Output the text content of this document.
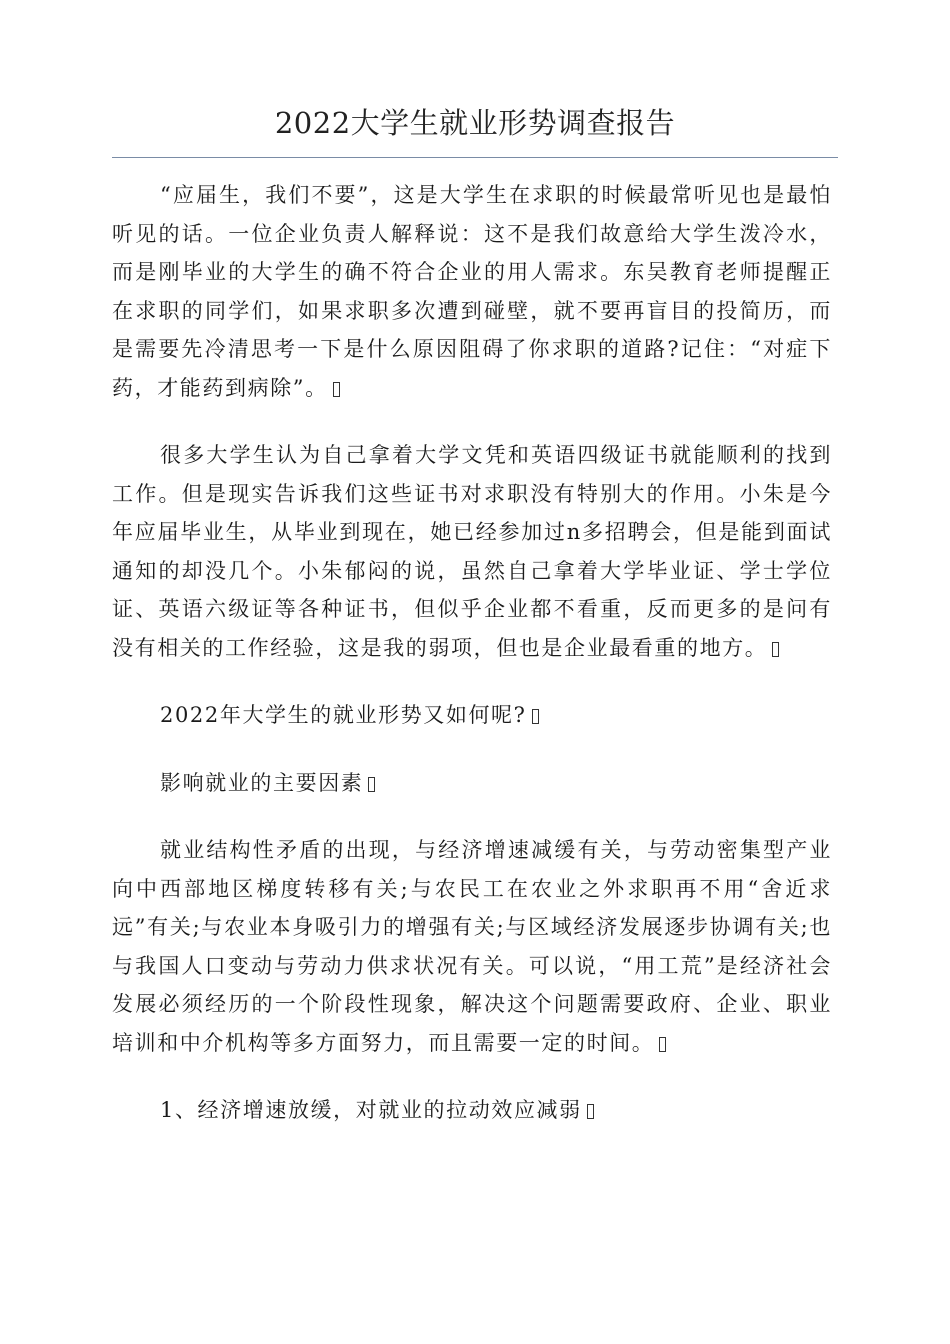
2022大学生就业形势调查报告

“应届生，我们不要”，这是大学生在求职的时候最常听见也是最怕听见的话。一位企业负责人解释说：这不是我们故意给大学生泼冷水，而是刚毕业的大学生的确不符合企业的用人需求。东吴教育老师提醒正在求职的同学们，如果求职多次遭到碰壁，就不要再盲目的投简历，而是需要先冷清思考一下是什么原因阻碍了你求职的道路?记住：“对症下药，才能药到病除”。

很多大学生认为自己拿着大学文凭和英语四级证书就能顺利的找到工作。但是现实告诉我们这些证书对求职没有特别大的作用。小朱是今年应届毕业生，从毕业到现在，她已经参加过n多招聘会，但是能到面试通知的却没几个。小朱郁闷的说，虽然自己拿着大学毕业证、学士学位证、英语六级证等各种证书，但似乎企业都不看重，反而更多的是问有没有相关的工作经验，这是我的弱项，但也是企业最看重的地方。

2022年大学生的就业形势又如何呢?

影响就业的主要因素

就业结构性矛盾的出现，与经济增速减缓有关，与劳动密集型产业向中西部地区梯度转移有关;与农民工在农业之外求职再不用“舍近求远”有关;与农业本身吸引力的增强有关;与区域经济发展逐步协调有关;也与我国人口变动与劳动力供求状况有关。可以说，“用工荒”是经济社会发展必须经历的一个阶段性现象，解决这个问题需要政府、企业、职业培训和中介机构等多方面努力，而且需要一定的时间。

1、经济增速放缓，对就业的拉动效应减弱
